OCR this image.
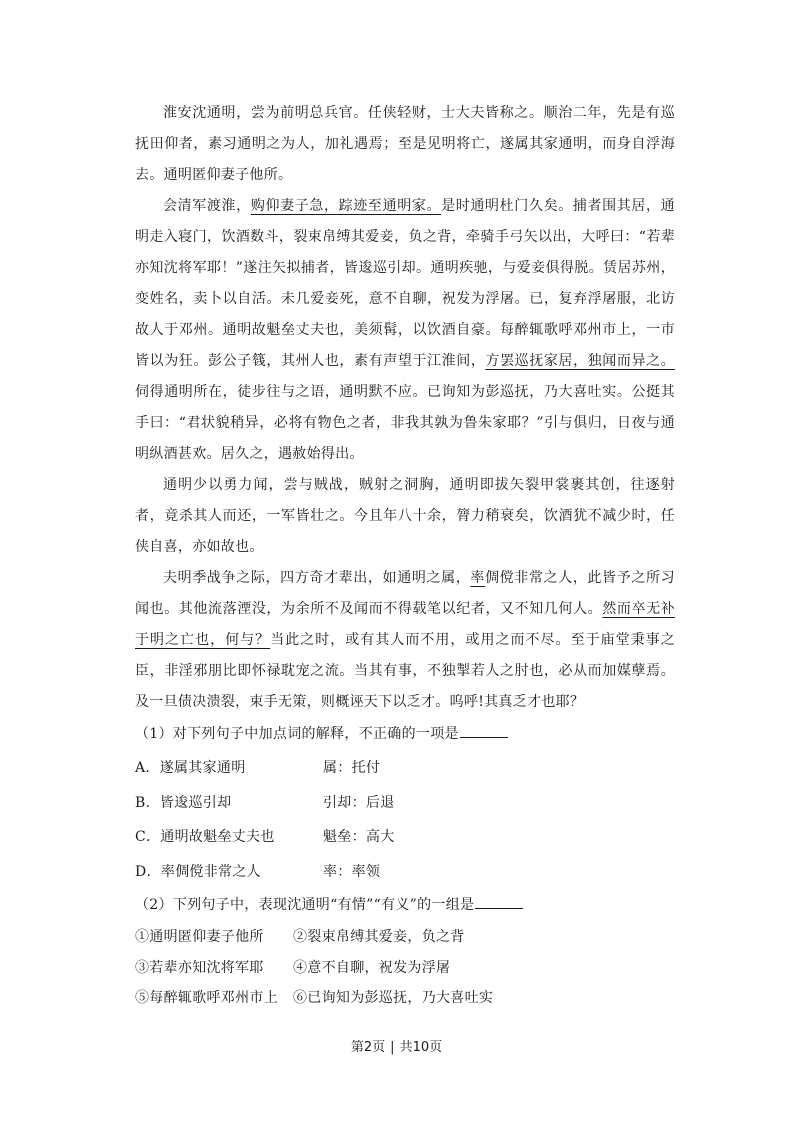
淮安沈通明，尝为前明总兵官。任侠轻财，士大夫皆称之。顺治二年，先是有巡抚田仰者，素习通明之为人，加礼遇焉；至是见明将亡，遂属其家通明，而身自浮海去。通明匿仰妻子他所。

会清军渡淮，购仰妻子急，踪迹至通明家。是时通明杜门久矣。捕者围其居，通明走入寝门，饮酒数斗，裂束帛缚其爱妾，负之背，牵骑手弓矢以出，大呼曰：“若辈亦知沈将军耶！”遂注矢拟捕者，皆逡巡引却。通明疾驰，与爱妾俱得脱。赁居苏州，变姓名，卖卜以自活。未几爱妾死，意不自聊，祝发为浮屠。已，复弃浮屠服，北访故人于邓州。通明故魁垒丈夫也，美须髯，以饮酒自豪。每醉辄歌呼邓州市上，一市皆以为狂。彭公子篯，其州人也，素有声望于江淮间，方罢巡抚家居，独闻而异之。伺得通明所在，徒步往与之语，通明默不应。已询知为彭巡抚，乃大喜吐实。公挺其手曰：“君状貌稍异，必将有物色之者，非我其孰为鲁朱家耶？”引与俱归，日夜与通明纵酒甚欢。居久之，遇赦始得出。

通明少以勇力闻，尝与贼战，贼射之洞胸，通明即拔矢裂甲裳裹其创，往逐射者，竟杀其人而还，一军皆壮之。今且年八十余，膂力稍衰矣，饮酒犹不减少时，任侠自喜，亦如故也。

夫明季战争之际，四方奇才辈出，如通明之属，率倜傥非常之人，此皆予之所习闻也。其他流落湮没，为余所不及闻而不得载笔以纪者，又不知几何人。然而卒无补于明之亡也，何与？当此之时，或有其人而不用，或用之而不尽。至于庙堂秉事之臣，非淫邪朋比即怀禄耽宠之流。当其有事，不独掣若人之肘也，必从而加媒孽焉。及一旦债决溃裂，束手无策，则概诬天下以乏才。呜呼!其真乏才也耶？

（1）对下列句子中加点词的解释，不正确的一项是

A．遂属其家通明	属：托付
B．皆逡巡引却	引却：后退
C．通明故魁垒丈夫也	魁垒：高大
D．率倜傥非常之人	率：率领

（2）下列句子中，表现沈通明“有情”“有义”的一组是

①通明匿仰妻子他所	②裂束帛缚其爱妾，负之背
③若辈亦知沈将军耶	④意不自聊，祝发为浮屠
⑤每醉辄歌呼邓州市上	⑥已询知为彭巡抚，乃大喜吐实
第2页 | 共10页
